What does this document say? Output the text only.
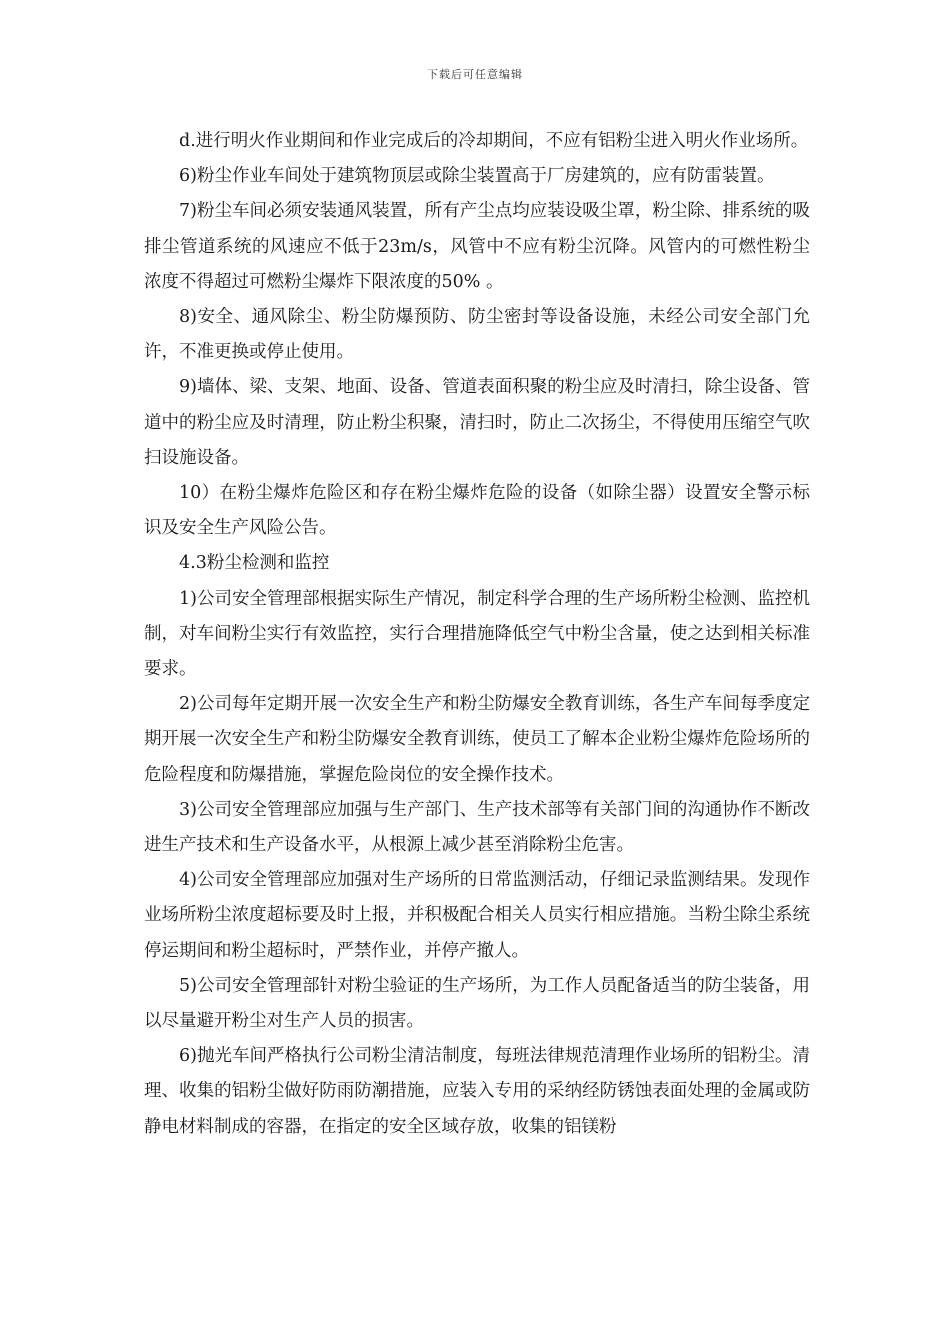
下载后可任意编辑

d.进行明火作业期间和作业完成后的冷却期间，不应有铝粉尘进入明火作业场所。

6)粉尘作业车间处于建筑物顶层或除尘装置高于厂房建筑的，应有防雷装置。

7)粉尘车间必须安装通风装置，所有产尘点均应装设吸尘罩，粉尘除、排系统的吸排尘管道系统的风速应不低于23m/s，风管中不应有粉尘沉降。风管内的可燃性粉尘浓度不得超过可燃粉尘爆炸下限浓度的50% 。

8)安全、通风除尘、粉尘防爆预防、防尘密封等设备设施，未经公司安全部门允许，不准更换或停止使用。

9)墙体、梁、支架、地面、设备、管道表面积聚的粉尘应及时清扫，除尘设备、管道中的粉尘应及时清理，防止粉尘积聚，清扫时，防止二次扬尘，不得使用压缩空气吹扫设施设备。

10）在粉尘爆炸危险区和存在粉尘爆炸危险的设备（如除尘器）设置安全警示标识及安全生产风险公告。

4.3粉尘检测和监控

1)公司安全管理部根据实际生产情况，制定科学合理的生产场所粉尘检测、监控机制，对车间粉尘实行有效监控，实行合理措施降低空气中粉尘含量，使之达到相关标准要求。

2)公司每年定期开展一次安全生产和粉尘防爆安全教育训练，各生产车间每季度定期开展一次安全生产和粉尘防爆安全教育训练，使员工了解本企业粉尘爆炸危险场所的危险程度和防爆措施，掌握危险岗位的安全操作技术。

3)公司安全管理部应加强与生产部门、生产技术部等有关部门间的沟通协作不断改进生产技术和生产设备水平，从根源上减少甚至消除粉尘危害。

4)公司安全管理部应加强对生产场所的日常监测活动，仔细记录监测结果。发现作业场所粉尘浓度超标要及时上报，并积极配合相关人员实行相应措施。当粉尘除尘系统停运期间和粉尘超标时，严禁作业，并停产撤人。

5)公司安全管理部针对粉尘验证的生产场所，为工作人员配备适当的防尘装备，用以尽量避开粉尘对生产人员的损害。

6)抛光车间严格执行公司粉尘清洁制度，每班法律规范清理作业场所的铝粉尘。清理、收集的铝粉尘做好防雨防潮措施，应装入专用的采纳经防锈蚀表面处理的金属或防静电材料制成的容器，在指定的安全区域存放，收集的铝镁粉
